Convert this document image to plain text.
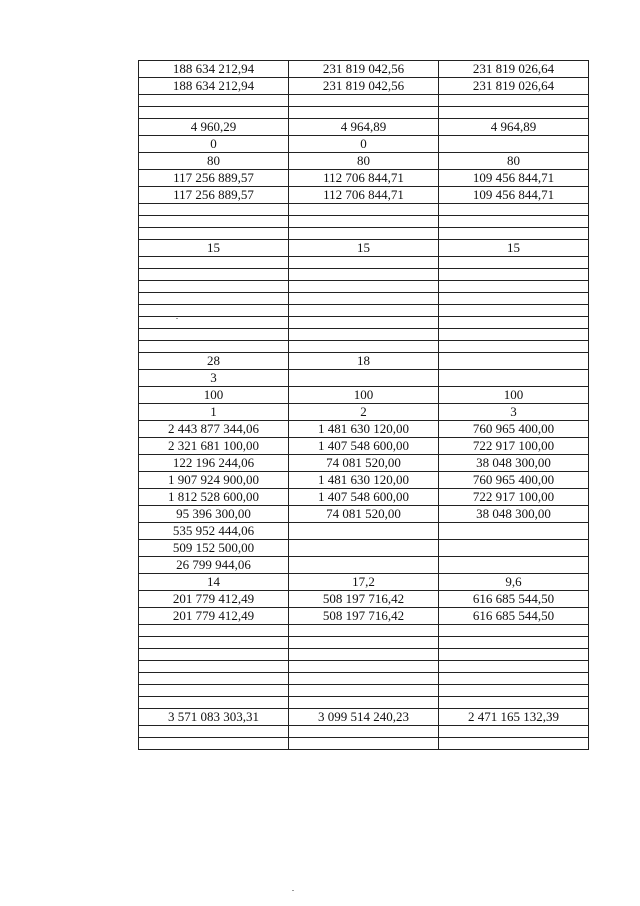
188 634 212,94	231 819 042,56	231 819 026,64
188 634 212,94	231 819 042,56	231 819 026,64

4 960,29	4 964,89	4 964,89
0	0	
80	80	80
117 256 889,57	112 706 844,71	109 456 844,71
117 256 889,57	112 706 844,71	109 456 844,71

15	15	15

28	18	
3		
100	100	100
1	2	3
2 443 877 344,06	1 481 630 120,00	760 965 400,00
2 321 681 100,00	1 407 548 600,00	722 917 100,00
122 196 244,06	74 081 520,00	38 048 300,00
1 907 924 900,00	1 481 630 120,00	760 965 400,00
1 812 528 600,00	1 407 548 600,00	722 917 100,00
95 396 300,00	74 081 520,00	38 048 300,00
535 952 444,06		
509 152 500,00		
26 799 944,06		
14	17,2	9,6
201 779 412,49	508 197 716,42	616 685 544,50
201 779 412,49	508 197 716,42	616 685 544,50

3 571 083 303,31	3 099 514 240,23	2 471 165 132,39
